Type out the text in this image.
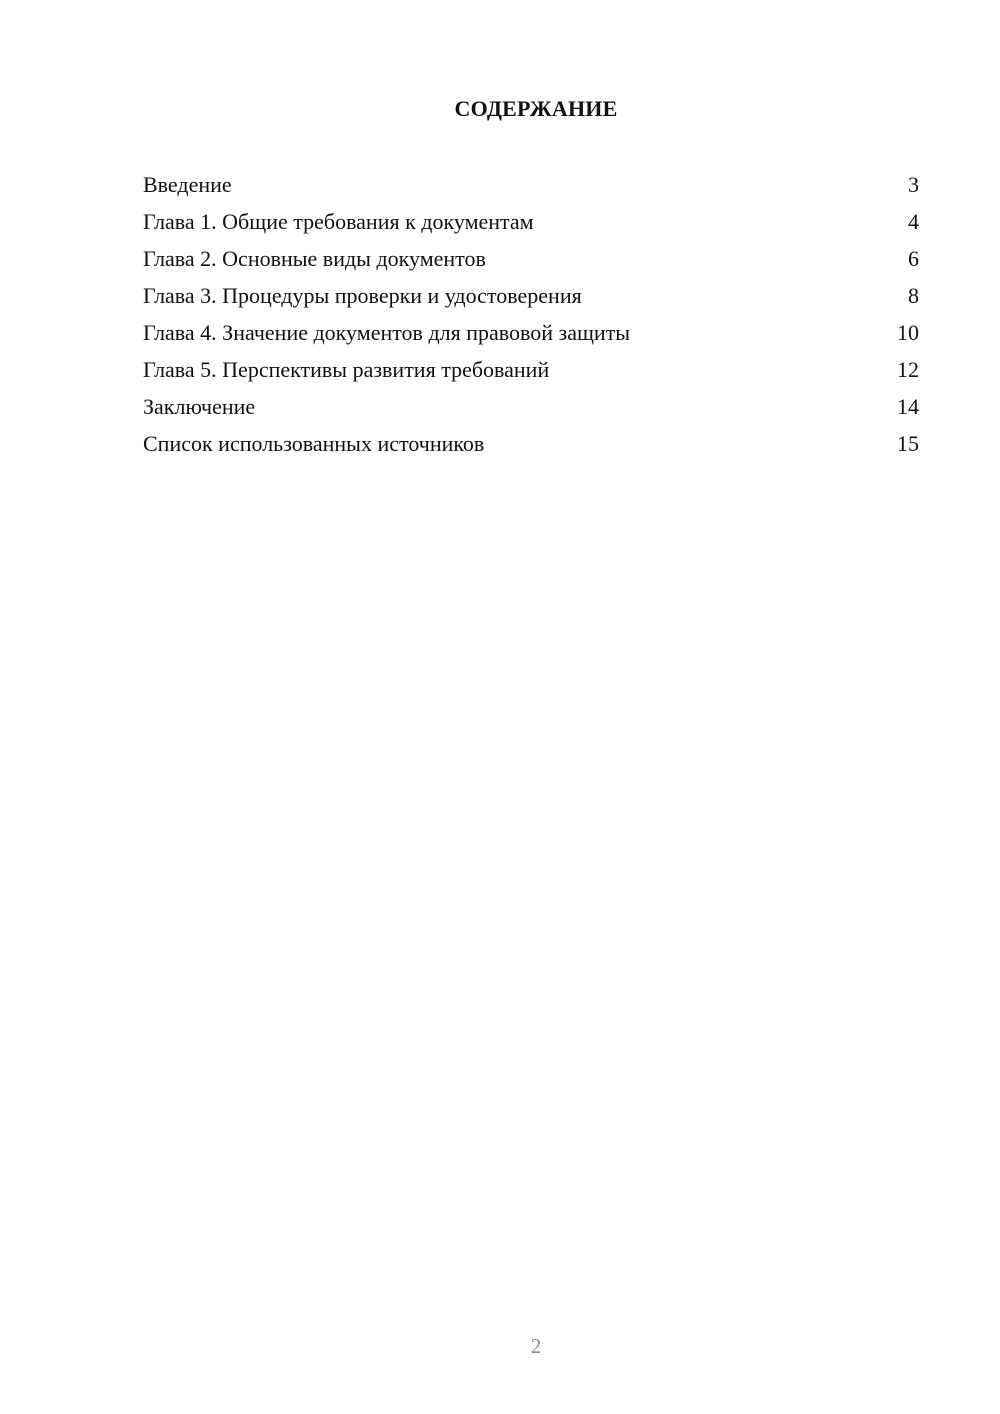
СОДЕРЖАНИЕ
Введение	3
Глава 1. Общие требования к документам	4
Глава 2. Основные виды документов	6
Глава 3. Процедуры проверки и удостоверения	8
Глава 4. Значение документов для правовой защиты	10
Глава 5. Перспективы развития требований	12
Заключение	14
Список использованных источников	15
2
